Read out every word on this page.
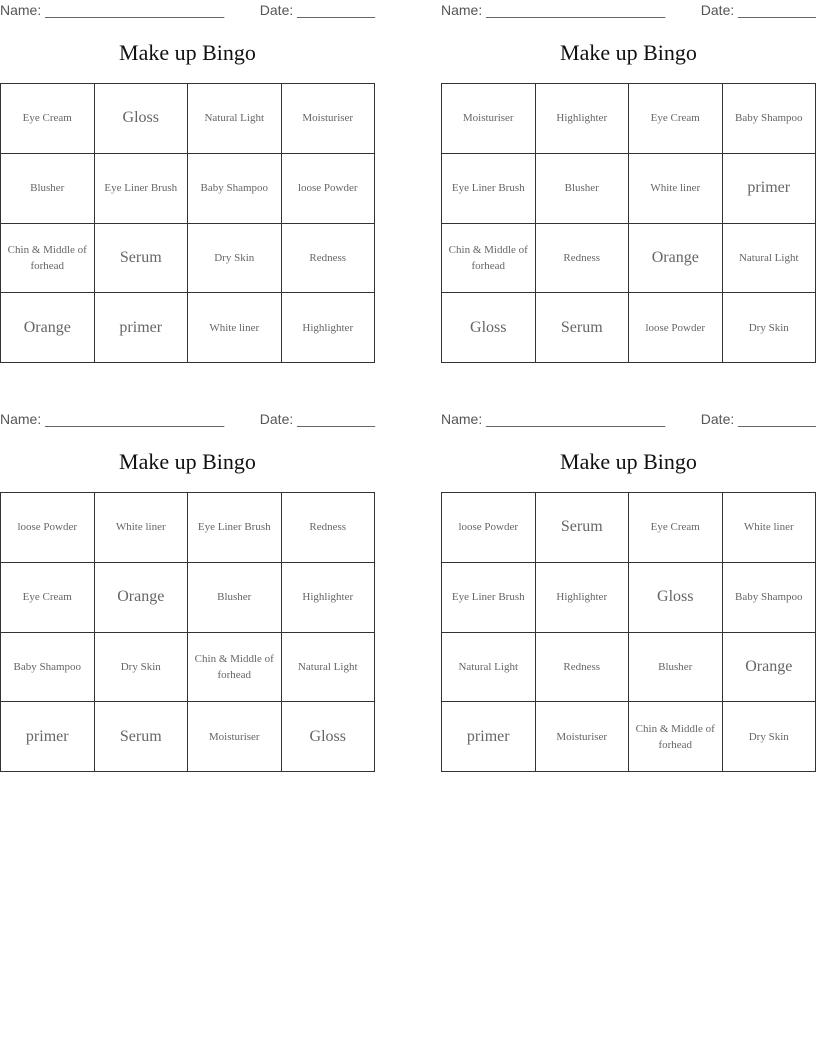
Name: _______________________	Date: __________
Make up Bingo
Eye Cream	Gloss	Natural Light	Moisturiser
Blusher	Eye Liner Brush	Baby Shampoo	loose Powder
Chin & Middle of forhead	Serum	Dry Skin	Redness
Orange	primer	White liner	Highlighter
Name: _______________________	Date: __________
Make up Bingo
Moisturiser	Highlighter	Eye Cream	Baby Shampoo
Eye Liner Brush	Blusher	White liner	primer
Chin & Middle of forhead	Redness	Orange	Natural Light
Gloss	Serum	loose Powder	Dry Skin
Name: _______________________	Date: __________
Make up Bingo
loose Powder	White liner	Eye Liner Brush	Redness
Eye Cream	Orange	Blusher	Highlighter
Baby Shampoo	Dry Skin	Chin & Middle of forhead	Natural Light
primer	Serum	Moisturiser	Gloss
Name: _______________________	Date: __________
Make up Bingo
loose Powder	Serum	Eye Cream	White liner
Eye Liner Brush	Highlighter	Gloss	Baby Shampoo
Natural Light	Redness	Blusher	Orange
primer	Moisturiser	Chin & Middle of forhead	Dry Skin
